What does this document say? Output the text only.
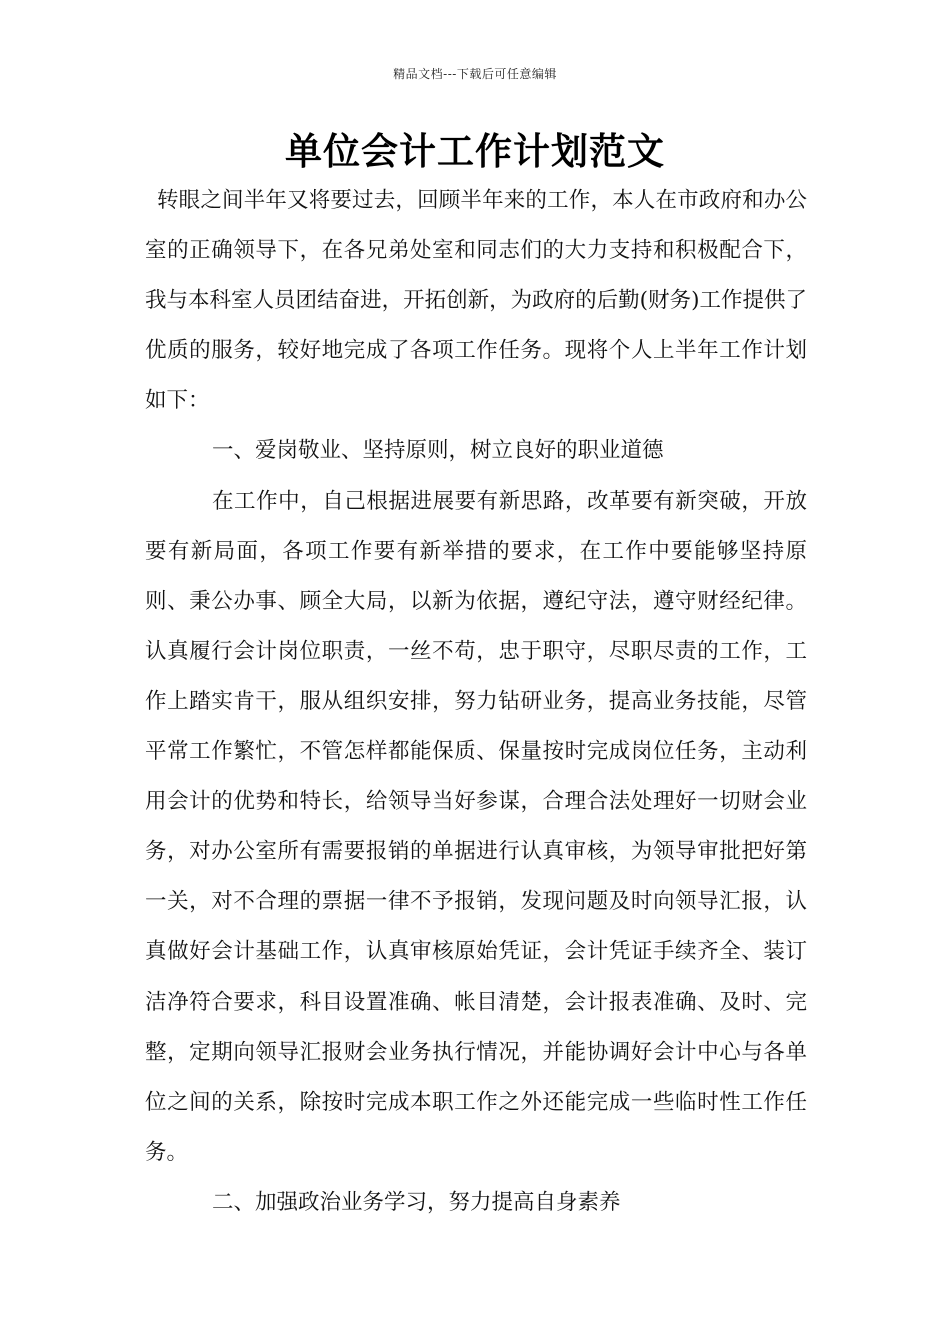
精品文档---下载后可任意编辑
单位会计工作计划范文

转眼之间半年又将要过去，回顾半年来的工作，本人在市政府和办公室的正确领导下，在各兄弟处室和同志们的大力支持和积极配合下，我与本科室人员团结奋进，开拓创新，为政府的后勤(财务)工作提供了优质的服务，较好地完成了各项工作任务。现将个人上半年工作计划如下：

一、爱岗敬业、坚持原则，树立良好的职业道德

在工作中，自己根据进展要有新思路，改革要有新突破，开放要有新局面，各项工作要有新举措的要求，在工作中要能够坚持原则、秉公办事、顾全大局，以新为依据，遵纪守法，遵守财经纪律。认真履行会计岗位职责，一丝不苟，忠于职守，尽职尽责的工作，工作上踏实肯干，服从组织安排，努力钻研业务，提高业务技能，尽管平常工作繁忙，不管怎样都能保质、保量按时完成岗位任务，主动利用会计的优势和特长，给领导当好参谋，合理合法处理好一切财会业务，对办公室所有需要报销的单据进行认真审核，为领导审批把好第一关，对不合理的票据一律不予报销，发现问题及时向领导汇报，认真做好会计基础工作，认真审核原始凭证，会计凭证手续齐全、装订洁净符合要求，科目设置准确、帐目清楚，会计报表准确、及时、完整，定期向领导汇报财会业务执行情况，并能协调好会计中心与各单位之间的关系，除按时完成本职工作之外还能完成一些临时性工作任务。

二、加强政治业务学习，努力提高自身素养
